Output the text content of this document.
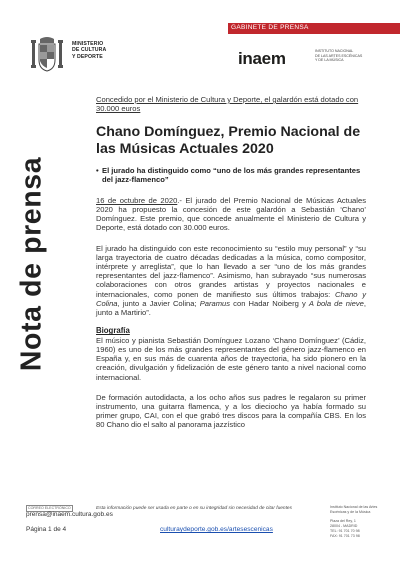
MINISTERIO
DE CULTURA
Y DEPORTE
GABINETE DE PRENSA
inaem	INSTITUTO NACIONAL
DE LAS ARTES ESCÉNICAS
Y DE LA MÚSICA
Nota de prensa
Concedido por el Ministerio de Cultura y Deporte, el galardón está dotado con 30.000 euros
Chano Domínguez, Premio Nacional de las Músicas Actuales 2020
• El jurado ha distinguido como “uno de los más grandes representantes del jazz-flamenco”

16 de octubre de 2020.- El jurado del Premio Nacional de Músicas Actuales 2020 ha propuesto la concesión de este galardón a Sebastián ‘Chano’ Domínguez. Este premio, que concede anualmente el Ministerio de Cultura y Deporte, está dotado con 30.000 euros.

El jurado ha distinguido con este reconocimiento su “estilo muy personal” y “su larga trayectoria de cuatro décadas dedicadas a la música, como compositor, intérprete y arreglista”, que lo han llevado a ser “uno de los más grandes representantes del jazz-flamenco”. Asimismo, han subrayado “sus numerosas colaboraciones con otros grandes artistas y proyectos nacionales e internacionales, como ponen de manifiesto sus últimos trabajos: Chano y Colina, junto a Javier Colina; Paramus con Hadar Noiberg y A bola de nieve, junto a Martirio”.

Biografía

El músico y pianista Sebastián Domínguez Lozano ‘Chano Domínguez’ (Cádiz, 1960) es uno de los más grandes representantes del género jazz-flamenco en España y, en sus más de cuarenta años de trayectoria, ha sido pionero en la creación, divulgación y fidelización de este género tanto a nivel nacional como internacional.

De formación autodidacta, a los ocho años sus padres le regalaron su primer instrumento, una guitarra flamenca, y a los dieciocho ya había formado su primer grupo, CAI, con el que grabó tres discos para la compañía CBS. En los 80 Chano dio el salto al panorama jazzístico

CORREO ELECTRÓNICO
prensa@inaem.cultura.gob.es
Página 1 de 4
Esta información puede ser usada en parte o en su integridad sin necesidad de citar fuentes
culturaydeporte.gob.es/artesescenicas
Instituto Nacional de las Artes
Escénicas y de la Música

Plaza del Rey, 1
28004 - MADRID
TEL: 91 701 70 98
FAX: 91 701 73 98
